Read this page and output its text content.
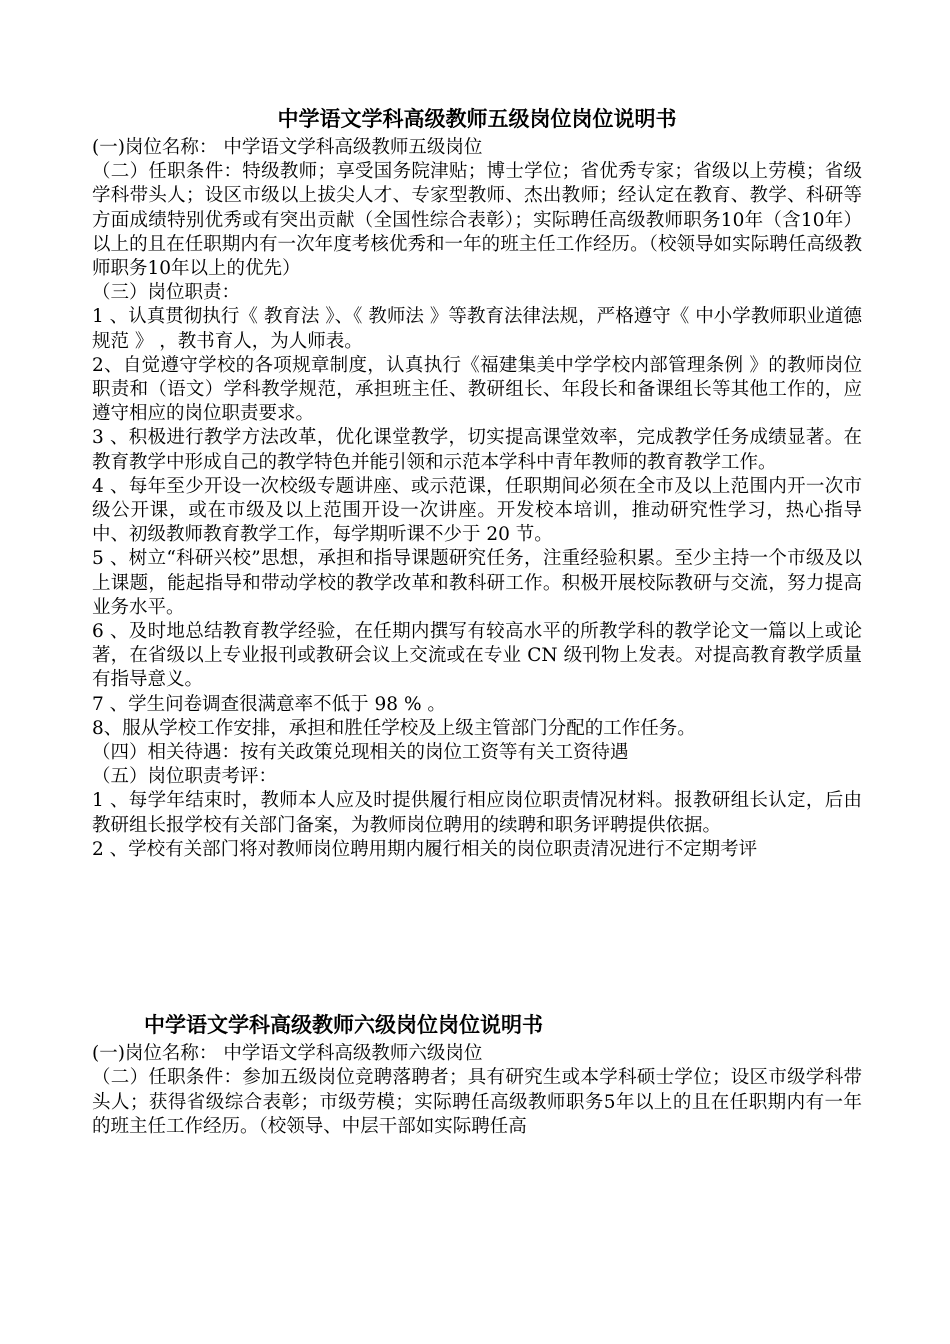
中学语文学科高级教师五级岗位岗位说明书

(一)岗位名称： 中学语文学科高级教师五级岗位

（二）任职条件：特级教师；享受国务院津贴；博士学位；省优秀专家；省级以上劳模；省级学科带头人；设区市级以上拔尖人才、专家型教师、杰出教师；经认定在教育、教学、科研等方面成绩特别优秀或有突出贡献（全国性综合表彰）；实际聘任高级教师职务10年（含10年）以上的且在任职期内有一次年度考核优秀和一年的班主任工作经历。（校领导如实际聘任高级教师职务10年以上的优先）

（三）岗位职责：

1 、认真贯彻执行《 教育法 》、《 教师法 》等教育法律法规，严格遵守《 中小学教师职业道德规范 》 ，教书育人，为人师表。

2、自觉遵守学校的各项规章制度，认真执行《福建集美中学学校内部管理条例 》的教师岗位职责和（语文）学科教学规范，承担班主任、教研组长、年段长和备课组长等其他工作的，应遵守相应的岗位职责要求。

3 、积极进行教学方法改革，优化课堂教学，切实提高课堂效率，完成教学任务成绩显著。在教育教学中形成自己的教学特色并能引领和示范本学科中青年教师的教育教学工作。

4 、每年至少开设一次校级专题讲座、或示范课，任职期间必须在全市及以上范围内开一次市级公开课，或在市级及以上范围开设一次讲座。开发校本培训，推动研究性学习，热心指导中、初级教师教育教学工作，每学期听课不少于 20 节。

5 、树立“科研兴校”思想，承担和指导课题研究任务，注重经验积累。至少主持一个市级及以上课题，能起指导和带动学校的教学改革和教科研工作。积极开展校际教研与交流，努力提高业务水平。

6 、及时地总结教育教学经验，在任期内撰写有较高水平的所教学科的教学论文一篇以上或论著，在省级以上专业报刊或教研会议上交流或在专业 CN 级刊物上发表。对提高教育教学质量有指导意义。

7 、学生问卷调查很满意率不低于 98 % 。

8、服从学校工作安排，承担和胜任学校及上级主管部门分配的工作任务。

（四）相关待遇：按有关政策兑现相关的岗位工资等有关工资待遇

（五）岗位职责考评：

1 、每学年结束时，教师本人应及时提供履行相应岗位职责情况材料。报教研组长认定，后由教研组长报学校有关部门备案，为教师岗位聘用的续聘和职务评聘提供依据。

2 、学校有关部门将对教师岗位聘用期内履行相关的岗位职责清况进行不定期考评

中学语文学科高级教师六级岗位岗位说明书

(一)岗位名称： 中学语文学科高级教师六级岗位

（二）任职条件：参加五级岗位竞聘落聘者；具有研究生或本学科硕士学位；设区市级学科带头人；获得省级综合表彰；市级劳模；实际聘任高级教师职务5年以上的且在任职期内有一年的班主任工作经历。（校领导、中层干部如实际聘任高
